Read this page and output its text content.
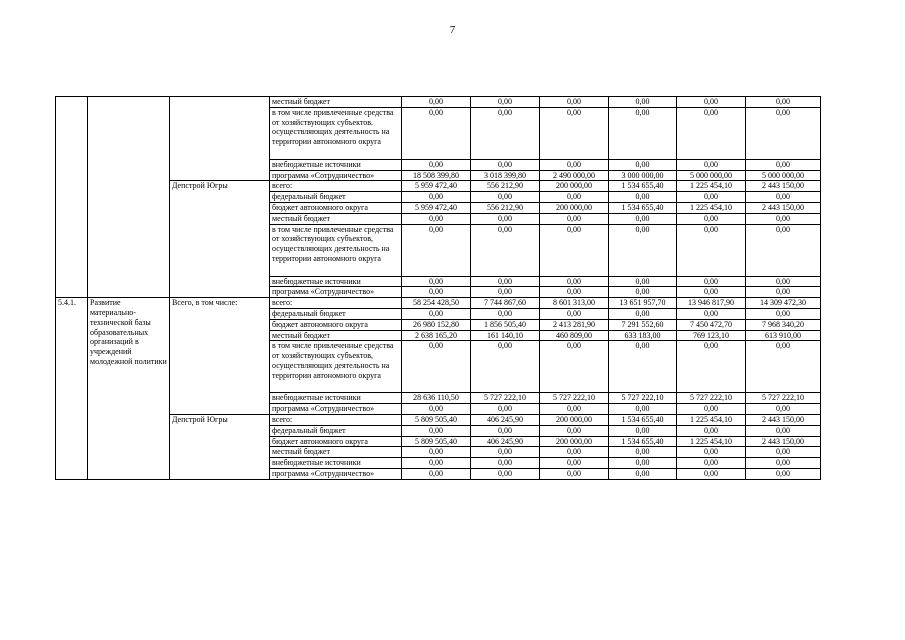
7
			местный бюджет	0,00	0,00	0,00	0,00	0,00	0,00
			в том числе привлеченные средства от хозяйствующих субъектов. осуществляющих деятельность на территории автономного округа	0,00	0,00	0,00	0,00	0,00	0,00
			внебюджетные источники	0,00	0,00	0,00	0,00	0,00	0,00
			программа «Сотрудничество»	18 508 399,80	3 018 399,80	2 490 000,00	3 000 000,00	5 000 000,00	5 000 000,00
		Депстрой Югры	всего:	5 959 472,40	556 212,90	200 000,00	1 534 655,40	1 225 454,10	2 443 150,00
			федеральный бюджет	0,00	0,00	0,00	0,00	0,00	0,00
			бюджет автономного округа	5 959 472,40	556 212,90	200 000,00	1 534 655,40	1 225 454,10	2 443 150,00
			местный бюджет	0,00	0,00	0,00	0,00	0,00	0,00
			в том числе привлеченные средства от хозяйствующих субъектов, осуществляющих деятельность на территории автономного округа	0,00	0,00	0,00	0,00	0,00	0,00
			внебюджетные источники	0,00	0,00	0,00	0,00	0,00	0,00
			программа «Сотрудничество»	0,00	0,00	0,00	0,00	0,00	0,00
5.4.1.	Развитие материально-технической базы образовательных организаций в учреждений молодежной политики	Всего, в том числе:	всего:	58 254 428,50	7 744 867,60	8 601 313,00	13 651 957,70	13 946 817,90	14 309 472,30
			федеральный бюджет	0,00	0,00	0,00	0,00	0,00	0,00
			бюджет автономного округа	26 980 152,80	1 856 505,40	2 413 281,90	7 291 552,60	7 450 472,70	7 968 340,20
			местный бюджет	2 638 165,20	161 140,10	460 809,00	633 183,00	769 123,10	613 910,00
			в том числе привлеченные средства от хозяйствующих субъектов, осуществляющих деятельность на территории автономного округа	0,00	0,00	0,00	0,00	0,00	0,00
			внебюджетные источники	28 636 110,50	5 727 222,10	5 727 222,10	5 727 222,10	5 727 222,10	5 727 222,10
			программа «Сотрудничество»	0,00	0,00	0,00	0,00	0,00	0,00
		Депстрой Югры	всего:	5 809 505,40	406 245,90	200 000,00	1 534 655,40	1 225 454,10	2 443 150,00
			федеральный бюджет	0,00	0,00	0,00	0,00	0,00	0,00
			бюджет автономного округа	5 809 505,40	406 245,90	200 000,00	1 534 655,40	1 225 454,10	2 443 150,00
			местный бюджет	0,00	0,00	0,00	0,00	0,00	0,00
			внебюджетные источники	0,00	0,00	0,00	0,00	0,00	0,00
			программа «Сотрудничество»	0,00	0,00	0,00	0,00	0,00	0,00
